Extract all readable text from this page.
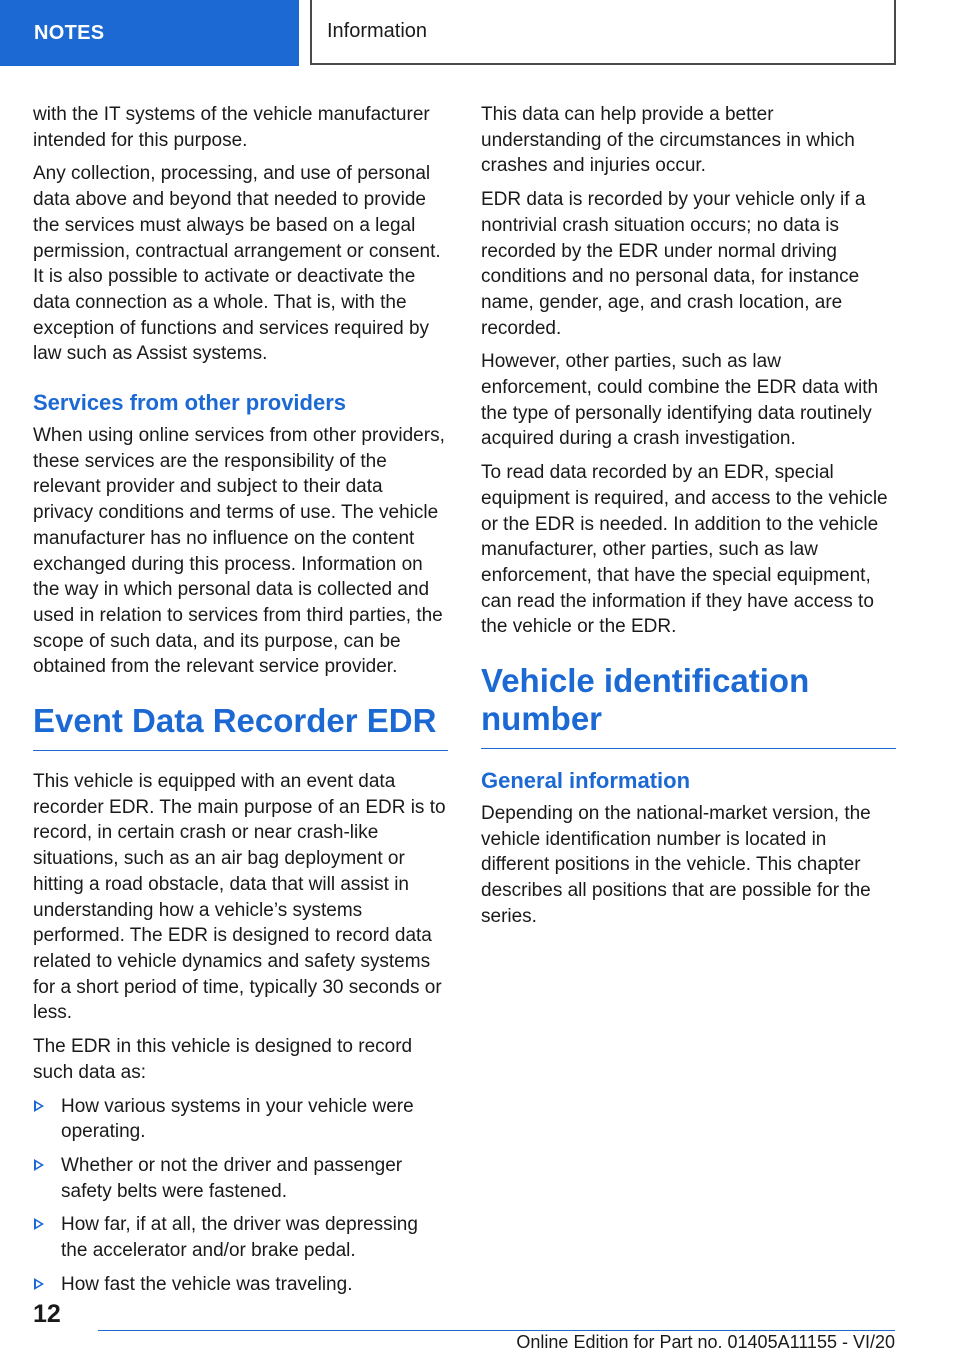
NOTES	Information

with the IT systems of the vehicle manufacturer intended for this purpose.

Any collection, processing, and use of personal data above and beyond that needed to provide the services must always be based on a legal permission, contractual arrangement or consent. It is also possible to activate or deactivate the data connection as a whole. That is, with the exception of functions and services required by law such as Assist systems.

Services from other providers

When using online services from other providers, these services are the responsibility of the relevant provider and subject to their data privacy conditions and terms of use. The vehicle manufacturer has no influence on the content exchanged during this process. Information on the way in which personal data is collected and used in relation to services from third parties, the scope of such data, and its purpose, can be obtained from the relevant service provider.

Event Data Recorder EDR

This vehicle is equipped with an event data recorder EDR. The main purpose of an EDR is to record, in certain crash or near crash-like situations, such as an air bag deployment or hitting a road obstacle, data that will assist in understanding how a vehicle’s systems performed. The EDR is designed to record data related to vehicle dynamics and safety systems for a short period of time, typically 30 seconds or less.

The EDR in this vehicle is designed to record such data as:

How various systems in your vehicle were operating.
Whether or not the driver and passenger safety belts were fastened.
How far, if at all, the driver was depressing the accelerator and/or brake pedal.
How fast the vehicle was traveling.

This data can help provide a better understanding of the circumstances in which crashes and injuries occur.

EDR data is recorded by your vehicle only if a nontrivial crash situation occurs; no data is recorded by the EDR under normal driving conditions and no personal data, for instance name, gender, age, and crash location, are recorded.

However, other parties, such as law enforcement, could combine the EDR data with the type of personally identifying data routinely acquired during a crash investigation.

To read data recorded by an EDR, special equipment is required, and access to the vehicle or the EDR is needed. In addition to the vehicle manufacturer, other parties, such as law enforcement, that have the special equipment, can read the information if they have access to the vehicle or the EDR.

Vehicle identification number
General information

Depending on the national-market version, the vehicle identification number is located in different positions in the vehicle. This chapter describes all positions that are possible for the series.

12
Online Edition for Part no. 01405A11155 - VI/20
